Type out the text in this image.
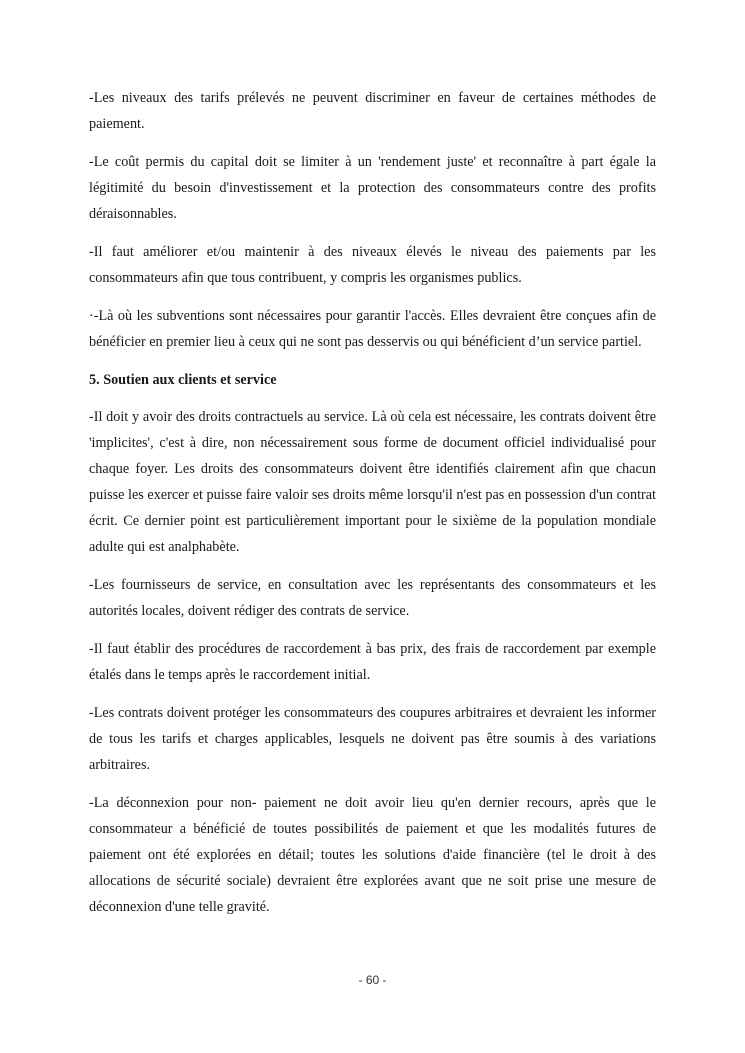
-Les niveaux des tarifs prélevés ne peuvent discriminer en faveur de certaines méthodes de paiement.

-Le coût permis du capital doit se limiter à un 'rendement juste' et reconnaître à part égale la légitimité du besoin d'investissement et la protection des consommateurs contre des profits déraisonnables.

-Il faut améliorer et/ou maintenir à des niveaux élevés le niveau des paiements par les consommateurs afin que tous contribuent, y compris les organismes publics.

·-Là où les subventions sont nécessaires pour garantir l'accès. Elles devraient être conçues afin de bénéficier en premier lieu à ceux qui ne sont pas desservis ou qui bénéficient d’un service partiel.

5. Soutien aux clients et service

-Il doit y avoir des droits contractuels au service. Là où cela est nécessaire, les contrats doivent être 'implicites', c'est à dire, non nécessairement sous forme de document officiel individualisé pour chaque foyer. Les droits des consommateurs doivent être identifiés clairement afin que chacun puisse les exercer et puisse faire valoir ses droits même lorsqu'il n'est pas en possession d'un contrat écrit. Ce dernier point est particulièrement important pour le sixième de la population mondiale adulte qui est analphabète.

-Les fournisseurs de service, en consultation avec les représentants des consommateurs et les autorités locales, doivent rédiger des contrats de service.

-Il faut établir des procédures de raccordement à bas prix, des frais de raccordement par exemple étalés dans le temps après le raccordement initial.

-Les contrats doivent protéger les consommateurs des coupures arbitraires et devraient les informer de tous les tarifs et charges applicables, lesquels ne doivent pas être soumis à des variations arbitraires.

-La déconnexion pour non- paiement ne doit avoir lieu qu'en dernier recours, après que le consommateur a bénéficié de toutes possibilités de paiement et que les modalités futures de paiement ont été explorées en détail; toutes les solutions d'aide financière (tel le droit à des allocations de sécurité sociale) devraient être explorées avant que ne soit prise une mesure de déconnexion d'une telle gravité.

- 60 -
